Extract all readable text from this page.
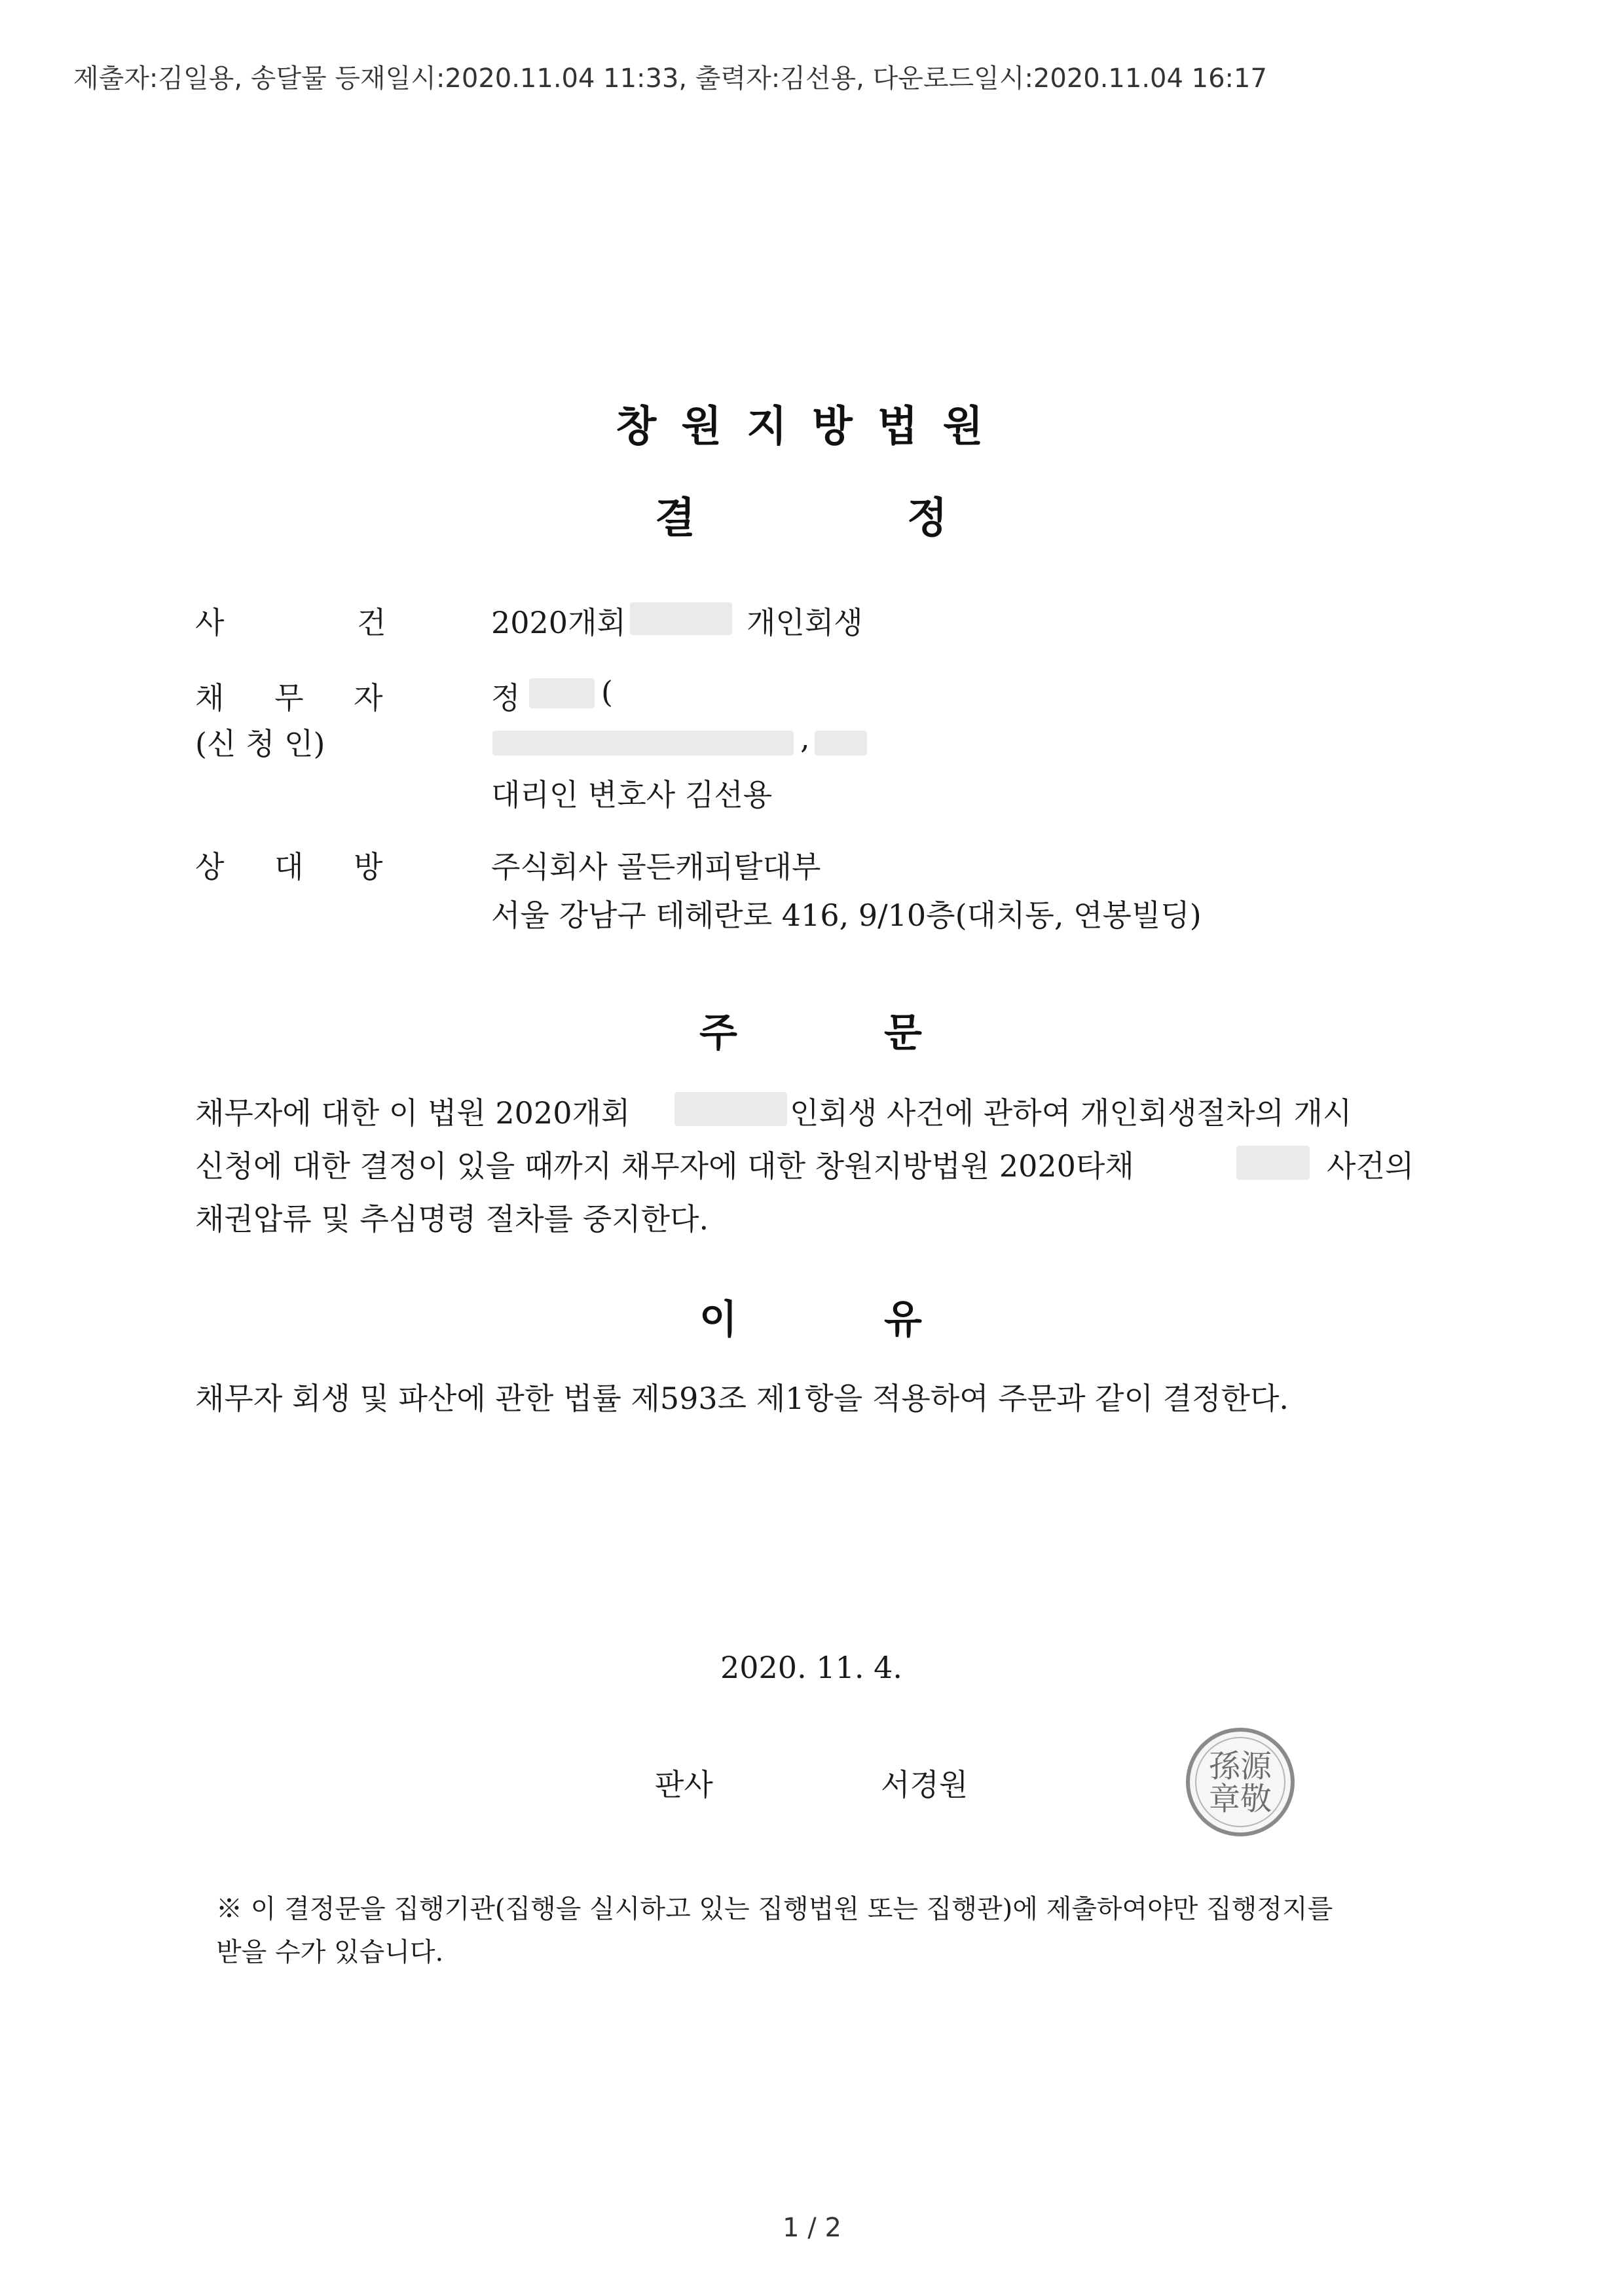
제출자:김일용, 송달물 등재일시:2020.11.04 11:33, 출력자:김선용, 다운로드일시:2020.11.04 16:17
창원지방법원
결	정
사	건	2020개회	개인회생
채 무 자	정	(
(신 청 인)	,
대리인 변호사 김선용
상 대 방	주식회사 골든캐피탈대부
서울 강남구 테헤란로 416, 9/10층(대치동, 연봉빌딩)
주	문
채무자에 대한 이 법원 2020개회	인회생 사건에 관하여 개인회생절차의 개시
신청에 대한 결정이 있을 때까지 채무자에 대한 창원지방법원 2020타채	사건의
채권압류 및 추심명령 절차를 중지한다.
이	유
채무자 회생 및 파산에 관한 법률 제593조 제1항을 적용하여 주문과 같이 결정한다.
2020. 11. 4.
판사	서경원	孫源
章敬
※ 이 결정문을 집행기관(집행을 실시하고 있는 집행법원 또는 집행관)에 제출하여야만 집행정지를
받을 수가 있습니다.
1 / 2
